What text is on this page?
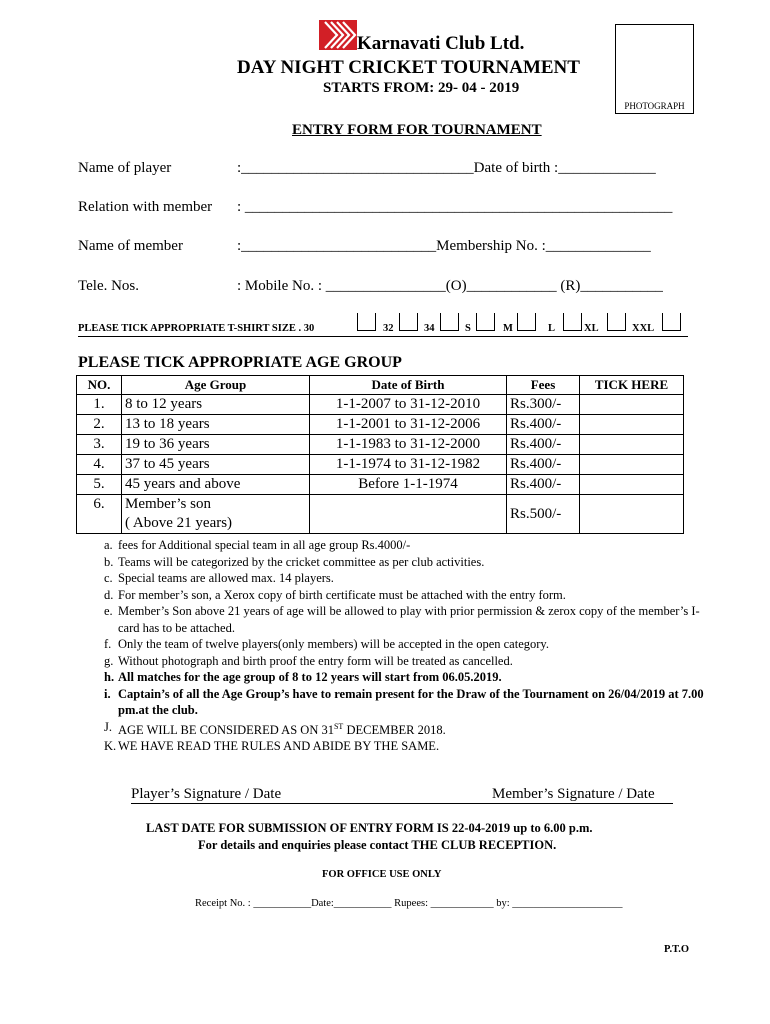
Karnavati Club Ltd.
DAY NIGHT CRICKET TOURNAMENT
STARTS FROM: 29- 04 - 2019
PHOTOGRAPH
ENTRY FORM FOR TOURNAMENT
Name of player	:_______________________________Date of birth :_____________
Relation with member : _________________________________________________________
Name of member	:__________________________Membership No. :______________
Tele. Nos.	: Mobile No. : ________________(O)____________ (R)___________
PLEASE TICK APPROPRIATE T-SHIRT SIZE . 30	32	34	S	M	L	XL	XXL
PLEASE TICK APPROPRIATE AGE GROUP
NO.	Age Group	Date of Birth	Fees	TICK HERE
1.	8 to 12 years	1-1-2007 to 31-12-2010	Rs.300/-	
2.	13 to 18 years	1-1-2001 to 31-12-2006	Rs.400/-	
3.	19 to 36 years	1-1-1983 to 31-12-2000	Rs.400/-	
4.	37 to 45 years	1-1-1974 to 31-12-1982	Rs.400/-	
5.	45 years and above	Before 1-1-1974	Rs.400/-	
6.	Member’s son
( Above 21 years)		Rs.500/-	
a. fees for Additional special team in all age group Rs.4000/-
b. Teams will be categorized by the cricket committee as per club activities.
c. Special teams are allowed max. 14 players.
d. For member’s son, a Xerox copy of birth certificate must be attached with the entry form.
e. Member’s Son above 21 years of age will be allowed to play with prior permission & zerox copy of the member’s I-card has to be attached.
f. Only the team of twelve players(only members) will be accepted in the open category.
g. Without photograph and birth proof the entry form will be treated as cancelled.
h. All matches for the age group of 8 to 12 years will start from 06.05.2019.
i. Captain’s of all the Age Group’s have to remain present for the Draw of the Tournament on 26/04/2019 at 7.00 pm.at the club.
J. AGE WILL BE CONSIDERED AS ON 31ST DECEMBER 2018.
K. WE HAVE READ THE RULES AND ABIDE BY THE SAME.
Player’s Signature / Date	Member’s Signature / Date
LAST DATE FOR SUBMISSION OF ENTRY FORM IS 22-04-2019 up to 6.00 p.m.
For details and enquiries please contact THE CLUB RECEPTION.
FOR OFFICE USE ONLY
Receipt No. : ___________Date:___________ Rupees: ____________ by: _____________________
P.T.O
